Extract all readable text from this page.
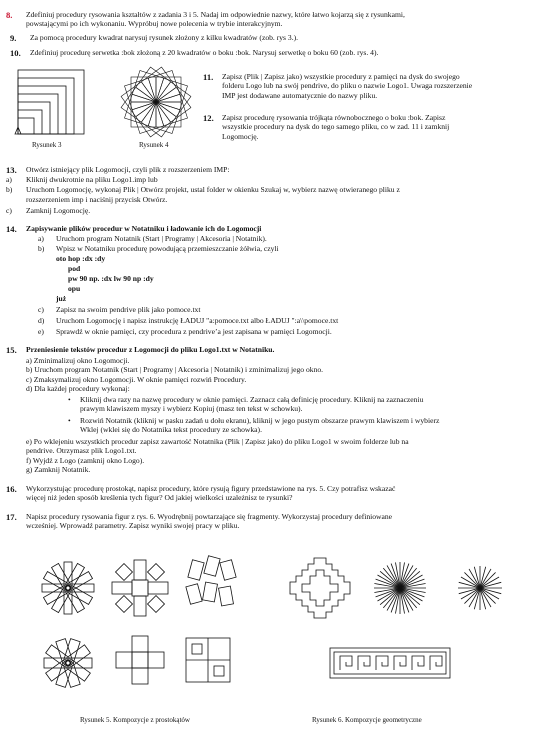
8. Zdefiniuj procedury rysowania kształtów z zadania 3 i 5. Nadaj im odpowiednie nazwy, które łatwo kojarzą się z rysunkami,
powstającymi po ich wykonaniu. Wypróbuj nowe polecenia w trybie interakcyjnym.
9. Za pomocą procedury kwadrat narysuj rysunek złożony z kilku kwadratów (zob. rys 3.).
10. Zdefiniuj procedurę serwetka :bok złożoną z 20 kwadratów o boku :bok. Narysuj serwetkę o boku 60 (zob. rys. 4).
Rysunek 3	Rysunek 4
11. Zapisz (Plik | Zapisz jako) wszystkie procedury z pamięci na dysk do swojego
folderu Logo lub na swój pendrive, do pliku o nazwie Logo1. Uwaga rozszerzenie
IMP jest dodawane automatycznie do nazwy pliku.
12. Zapisz procedurę rysowania trójkąta równobocznego o boku :bok. Zapisz
wszystkie procedury na dysk do tego samego pliku, co w zad. 11 i zamknij
Logomocję.
13. Otwórz istniejący plik Logomocji, czyli plik z rozszerzeniem IMP:
a) Kliknij dwukrotnie na pliku Logo1.imp lub
b) Uruchom Logomocję, wykonaj Plik | Otwórz projekt, ustal folder w okienku Szukaj w, wybierz nazwę otwieranego pliku z
rozszerzeniem imp i naciśnij przycisk Otwórz.
c) Zamknij Logomocję.
14. Zapisywanie plików procedur w Notatniku i ładowanie ich do Logomocji
a) Uruchom program Notatnik (Start | Programy | Akcesoria | Notatnik).
b) Wpisz w Notatniku procedurę powodującą przemieszczanie żółwia, czyli
oto hop :dx :dy
pod
pw 90 np. :dx lw 90 np :dy
opu
już
c) Zapisz na swoim pendrive plik jako pomoce.txt
d) Uruchom Logomocję i napisz instrukcję ŁADUJ "a:pomoce.txt albo ŁADUJ ":a\\pomoce.txt
e) Sprawdź w oknie pamięci, czy procedura z pendrive’a jest zapisana w pamięci Logomocji.
15. Przeniesienie tekstów procedur z Logomocji do pliku Logo1.txt w Notatniku.
a) Zminimalizuj okno Logomocji.
b) Uruchom program Notatnik (Start | Programy | Akcesoria | Notatnik) i zminimalizuj jego okno.
c) Zmaksymalizuj okno Logomocji. W oknie pamięci rozwiń Procedury.
d) Dla każdej procedury wykonaj:
• Kliknij dwa razy na nazwę procedury w oknie pamięci. Zaznacz całą definicję procedury. Kliknij na zaznaczeniu
prawym klawiszem myszy i wybierz Kopiuj (masz ten tekst w schowku).
• Rozwiń Notatnik (kliknij w pasku zadań u dołu ekranu), kliknij w jego pustym obszarze prawym klawiszem i wybierz
Wklej (wklei się do Notatnika tekst procedury ze schowka).
e) Po wklejeniu wszystkich procedur zapisz zawartość Notatnika (Plik | Zapisz jako) do pliku Logo1 w swoim folderze lub na
pendrive. Otrzymasz plik Logo1.txt.
f) Wyjdź z Logo (zamknij okno Logo).
g) Zamknij Notatnik.
16. Wykorzystując procedurę prostokąt, napisz procedury, które rysują figury przedstawione na rys. 5. Czy potrafisz wskazać
więcej niż jeden sposób kreślenia tych figur? Od jakiej wielkości uzależnisz te rysunki?
17. Napisz procedury rysowania figur z rys. 6. Wyodrębnij powtarzające się fragmenty. Wykorzystaj procedury definiowane
wcześniej. Wprowadź parametry. Zapisz wyniki swojej pracy w pliku.
Rysunek 5. Kompozycje z prostokątów	Rysunek 6. Kompozycje geometryczne
